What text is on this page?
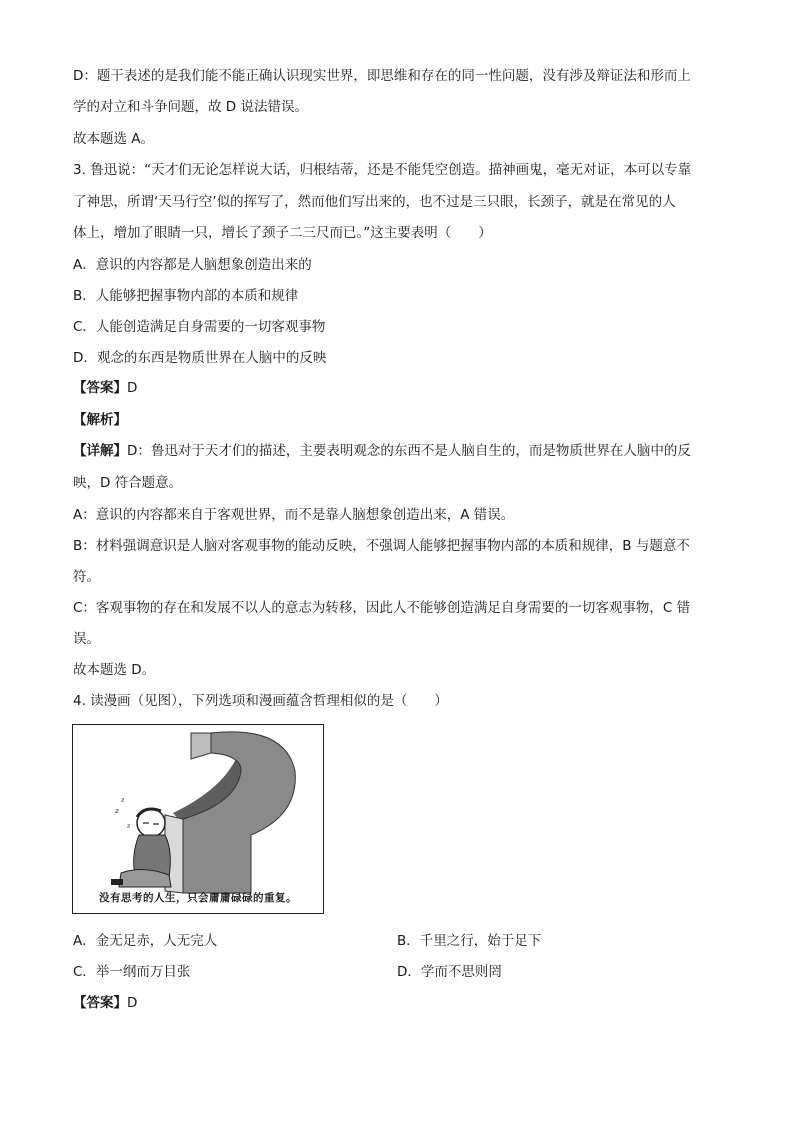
D：题干表述的是我们能不能正确认识现实世界，即思维和存在的同一性问题，没有涉及辩证法和形而上
学的对立和斗争问题，故 D 说法错误。
故本题选 A。
3. 鲁迅说：“天才们无论怎样说大话，归根结蒂，还是不能凭空创造。描神画鬼，毫无对证，本可以专靠
了神思，所谓‘天马行空’似的挥写了，然而他们写出来的，也不过是三只眼，长颈子，就是在常见的人
体上，增加了眼睛一只，增长了颈子二三尺而已。”这主要表明（　　）
A．意识的内容都是人脑想象创造出来的
B．人能够把握事物内部的本质和规律
C．人能创造满足自身需要的一切客观事物
D．观念的东西是物质世界在人脑中的反映
【答案】D
【解析】
【详解】D：鲁迅对于天才们的描述，主要表明观念的东西不是人脑自生的，而是物质世界在人脑中的反
映，D 符合题意。
A：意识的内容都来自于客观世界，而不是靠人脑想象创造出来，A 错误。
B：材料强调意识是人脑对客观事物的能动反映，不强调人能够把握事物内部的本质和规律，B 与题意不
符。
C：客观事物的存在和发展不以人的意志为转移，因此人不能够创造满足自身需要的一切客观事物，C 错
误。
故本题选 D。
4. 读漫画（见图），下列选项和漫画蕴含哲理相似的是（　　）
ᶻ
ᶻ
ᶻ
没有思考的人生，只会庸庸碌碌的重复。
A．金无足赤，人无完人	B．千里之行，始于足下
C．举一纲而万目张	D．学而不思则罔
【答案】D
